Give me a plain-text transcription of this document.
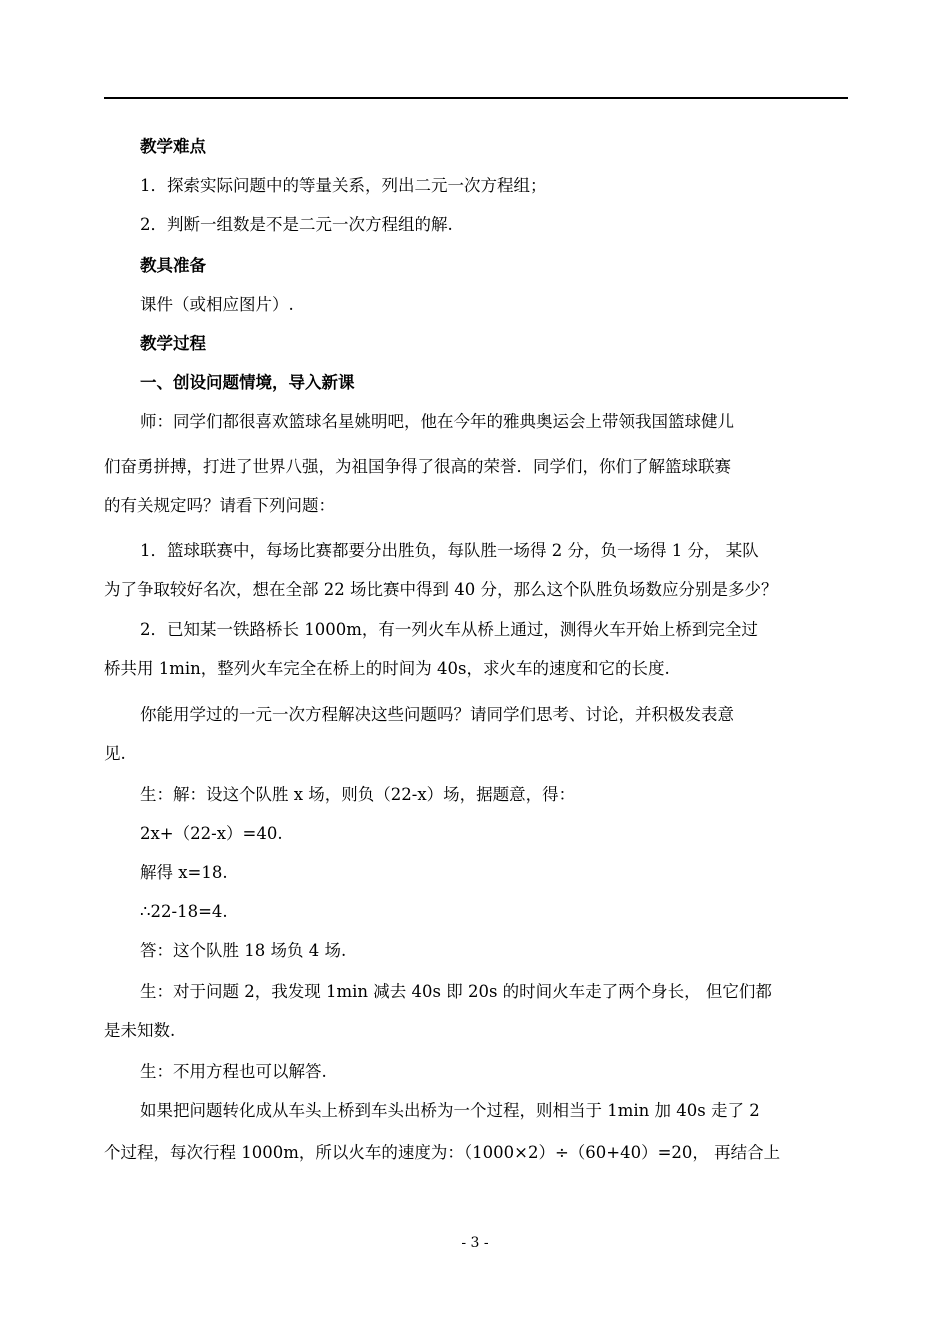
教学难点
1．探索实际问题中的等量关系，列出二元一次方程组；
2．判断一组数是不是二元一次方程组的解.
教具准备
课件（或相应图片）.
教学过程
一、创设问题情境，导入新课
师：同学们都很喜欢篮球名星姚明吧，他在今年的雅典奥运会上带领我国篮球健儿
们奋勇拼搏，打进了世界八强，为祖国争得了很高的荣誉．同学们，你们了解篮球联赛
的有关规定吗？请看下列问题：
1．篮球联赛中，每场比赛都要分出胜负，每队胜一场得 2 分，负一场得 1 分， 某队
为了争取较好名次，想在全部 22 场比赛中得到 40 分，那么这个队胜负场数应分别是多少？
2．已知某一铁路桥长 1000m，有一列火车从桥上通过，测得火车开始上桥到完全过
桥共用 1min，整列火车完全在桥上的时间为 40s，求火车的速度和它的长度.
你能用学过的一元一次方程解决这些问题吗？请同学们思考、讨论，并积极发表意
见.
生：解：设这个队胜 x 场，则负（22-x）场，据题意，得：
2x+（22-x）=40.
解得 x=18.
∴22-18=4.
答：这个队胜 18 场负 4 场.
生：对于问题 2，我发现 1min 减去 40s 即 20s 的时间火车走了两个身长， 但它们都
是未知数.
生：不用方程也可以解答.
如果把问题转化成从车头上桥到车头出桥为一个过程，则相当于 1min 加 40s 走了 2
个过程，每次行程 1000m，所以火车的速度为：（1000×2）÷（60+40）=20， 再结合上
- 3 -
